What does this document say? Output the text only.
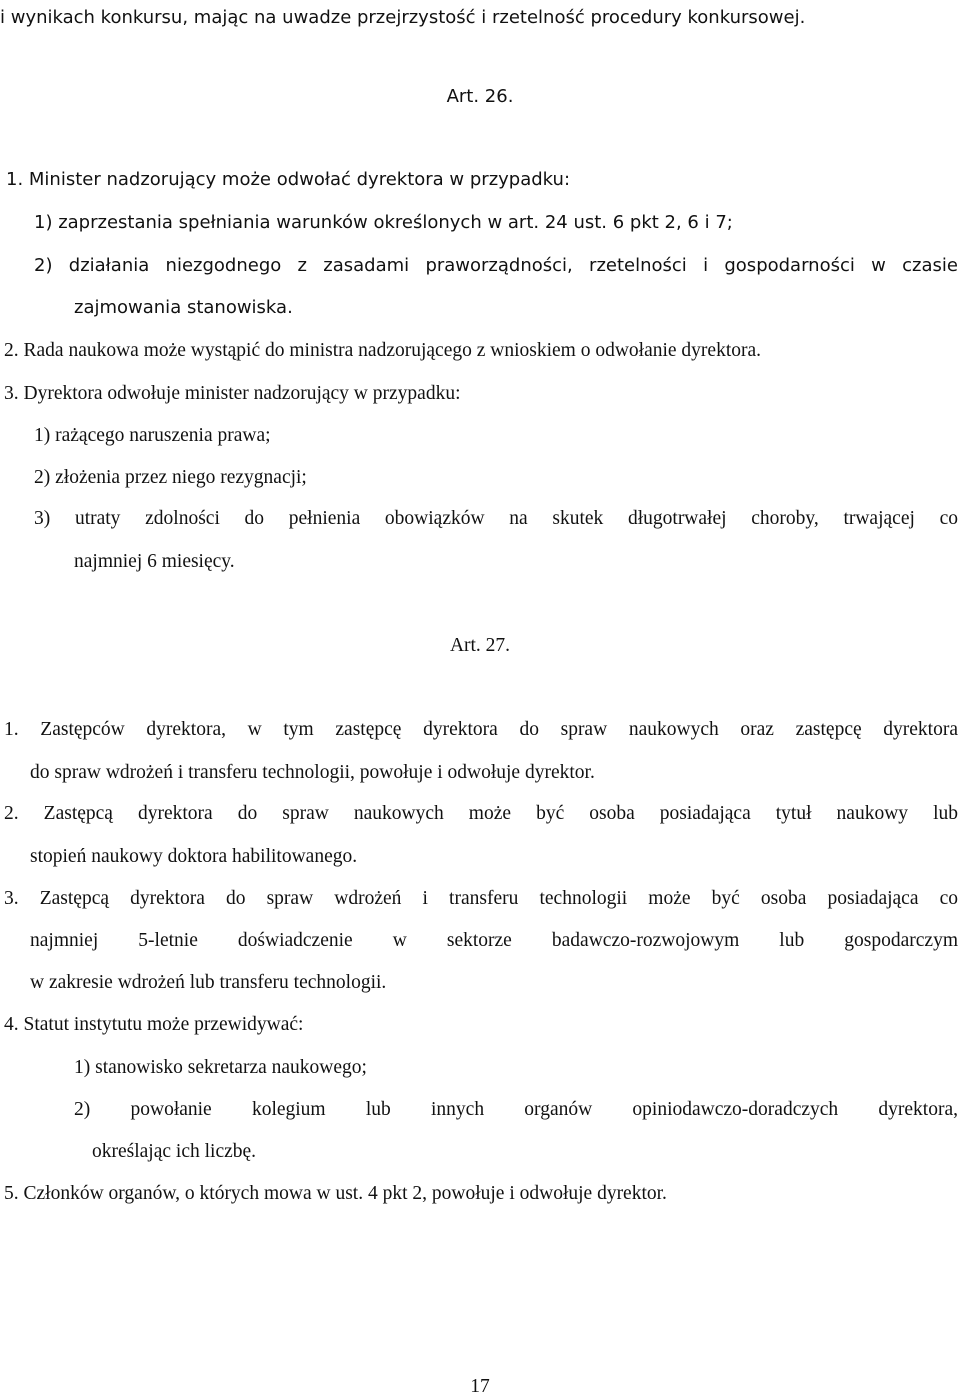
i wynikach konkursu, mając na uwadze przejrzystość i rzetelność procedury konkursowej.
Art. 26.
1. Minister nadzorujący może odwołać dyrektora w przypadku:
1) zaprzestania spełniania warunków określonych w art. 24 ust. 6 pkt 2, 6 i 7;
2) działania niezgodnego z zasadami praworządności, rzetelności i gospodarności w czasie
zajmowania stanowiska.
2. Rada naukowa może wystąpić do ministra nadzorującego z wnioskiem o odwołanie dyrektora.
3. Dyrektora odwołuje minister nadzorujący w przypadku:
1) rażącego naruszenia prawa;
2) złożenia przez niego rezygnacji;
3) utraty zdolności do pełnienia obowiązków na skutek długotrwałej choroby, trwającej co
najmniej 6 miesięcy.
Art. 27.
1. Zastępców dyrektora, w tym zastępcę dyrektora do spraw naukowych oraz zastępcę dyrektora
do spraw wdrożeń i transferu technologii, powołuje i odwołuje dyrektor.
2. Zastępcą dyrektora do spraw naukowych może być osoba posiadająca tytuł naukowy lub
stopień naukowy doktora habilitowanego.
3. Zastępcą dyrektora do spraw wdrożeń i transferu technologii może być osoba posiadająca co
najmniej 5-letnie doświadczenie w sektorze badawczo-rozwojowym lub gospodarczym
w zakresie wdrożeń lub transferu technologii.
4. Statut instytutu może przewidywać:
1) stanowisko sekretarza naukowego;
2) powołanie kolegium lub innych organów opiniodawczo-doradczych dyrektora,
określając ich liczbę.
5. Członków organów, o których mowa w ust. 4 pkt 2, powołuje i odwołuje dyrektor.
17
